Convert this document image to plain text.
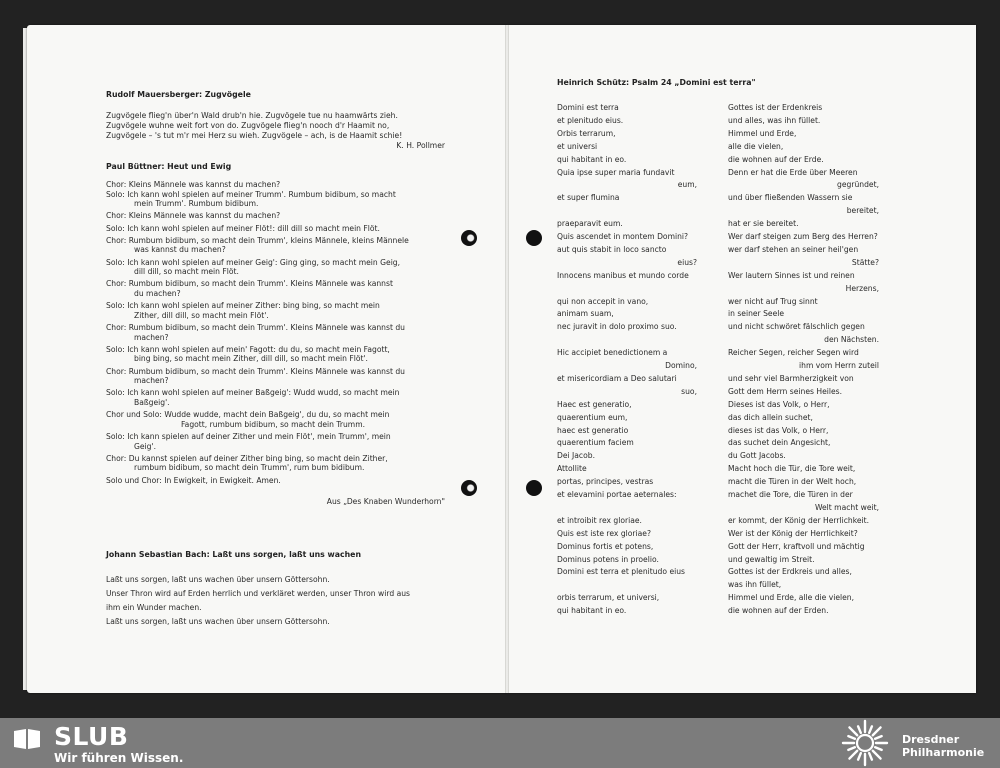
Rudolf Mauersberger: Zugvögele
Zugvögele flieg'n über'n Wald drub'n hie. Zugvögele tue nu haamwärts zieh.
Zugvögele wuhne weit fort von do. Zugvögele flieg'n nooch d'r Haamit no,
Zugvögele – 's tut m'r mei Herz su wieh. Zugvögele – ach, is de Haamit schie!
K. H. Pollmer
Paul Büttner: Heut und Ewig
Chor: Kleins Männele was kannst du machen?
Solo: Ich kann wohl spielen auf meiner Trumm'. Rumbum bidibum, so macht
mein Trumm'. Rumbum bidibum.
Chor: Kleins Männele was kannst du machen?
Solo: Ich kann wohl spielen auf meiner Flöt!: dill dill so macht mein Flöt.
Chor: Rumbum bidibum, so macht dein Trumm', kleins Männele, kleins Männele
was kannst du machen?
Solo: Ich kann wohl spielen auf meiner Geig': Ging ging, so macht mein Geig,
dill dill, so macht mein Flöt.
Chor: Rumbum bidibum, so macht dein Trumm'. Kleins Männele was kannst
du machen?
Solo: Ich kann wohl spielen auf meiner Zither: bing bing, so macht mein
Zither, dill dill, so macht mein Flöt'.
Chor: Rumbum bidibum, so macht dein Trumm'. Kleins Männele was kannst du
machen?
Solo: Ich kann wohl spielen auf mein' Fagott: du du, so macht mein Fagott,
bing bing, so macht mein Zither, dill dill, so macht mein Flöt'.
Chor: Rumbum bidibum, so macht dein Trumm'. Kleins Männele was kannst du
machen?
Solo: Ich kann wohl spielen auf meiner Baßgeig': Wudd wudd, so macht mein
Baßgeig'.
Chor und Solo: Wudde wudde, macht dein Baßgeig', du du, so macht mein
Fagott, rumbum bidibum, so macht dein Trumm.
Solo: Ich kann spielen auf deiner Zither und mein Flöt', mein Trumm', mein
Geig'.
Chor: Du kannst spielen auf deiner Zither bing bing, so macht dein Zither,
rumbum bidibum, so macht dein Trumm', rum bum bidibum.
Solo und Chor: In Ewigkeit, in Ewigkeit. Amen.
Aus „Des Knaben Wunderhorn"
Johann Sebastian Bach: Laßt uns sorgen, laßt uns wachen
Laßt uns sorgen, laßt uns wachen über unsern Göttersohn.
Unser Thron wird auf Erden herrlich und verkläret werden, unser Thron wird aus
ihm ein Wunder machen.
Laßt uns sorgen, laßt uns wachen über unsern Göttersohn.
Heinrich Schütz: Psalm 24 „Domini est terra"
Domini est terra
et plenitudo eius.
Orbis terrarum,
et universi
qui habitant in eo.
Quia ipse super maria fundavit
eum,
et super flumina
praeparavit eum.
Quis ascendet in montem Domini?
aut quis stabit in loco sancto
eius?
Innocens manibus et mundo corde
qui non accepit in vano,
animam suam,
nec juravit in dolo proximo suo.
Hic accipiet benedictionem a
Domino,
et misericordiam a Deo salutari
suo,
Haec est generatio,
quaerentium eum,
haec est generatio
quaerentium faciem
Dei Jacob.
Attollite
portas, principes, vestras
et elevamini portae aeternales:
et introibit rex gloriae.
Quis est iste rex gloriae?
Dominus fortis et potens,
Dominus potens in proelio.
Domini est terra et plenitudo eius
orbis terrarum, et universi,
qui habitant in eo.
Gottes ist der Erdenkreis
und alles, was ihn füllet.
Himmel und Erde,
alle die vielen,
die wohnen auf der Erde.
Denn er hat die Erde über Meeren
gegründet,
und über fließenden Wassern sie
bereitet,
hat er sie bereitet.
Wer darf steigen zum Berg des Herren?
wer darf stehen an seiner heil'gen
Stätte?
Wer lautern Sinnes ist und reinen
Herzens,
wer nicht auf Trug sinnt
in seiner Seele
und nicht schwöret fälschlich gegen
den Nächsten.
Reicher Segen, reicher Segen wird
ihm vom Herrn zuteil
und sehr viel Barmherzigkeit von
Gott dem Herrn seines Heiles.
Dieses ist das Volk, o Herr,
das dich allein suchet,
dieses ist das Volk, o Herr,
das suchet dein Angesicht,
du Gott Jacobs.
Macht hoch die Tür, die Tore weit,
macht die Türen in der Welt hoch,
machet die Tore, die Türen in der
Welt macht weit,
er kommt, der König der Herrlichkeit.
Wer ist der König der Herrlichkeit?
Gott der Herr, kraftvoll und mächtig
und gewaltig im Streit.
Gottes ist der Erdkreis und alles,
was ihn füllet,
Himmel und Erde, alle die vielen,
die wohnen auf der Erden.
SLUB
Wir führen Wissen.
Dresdner
Philharmonie
